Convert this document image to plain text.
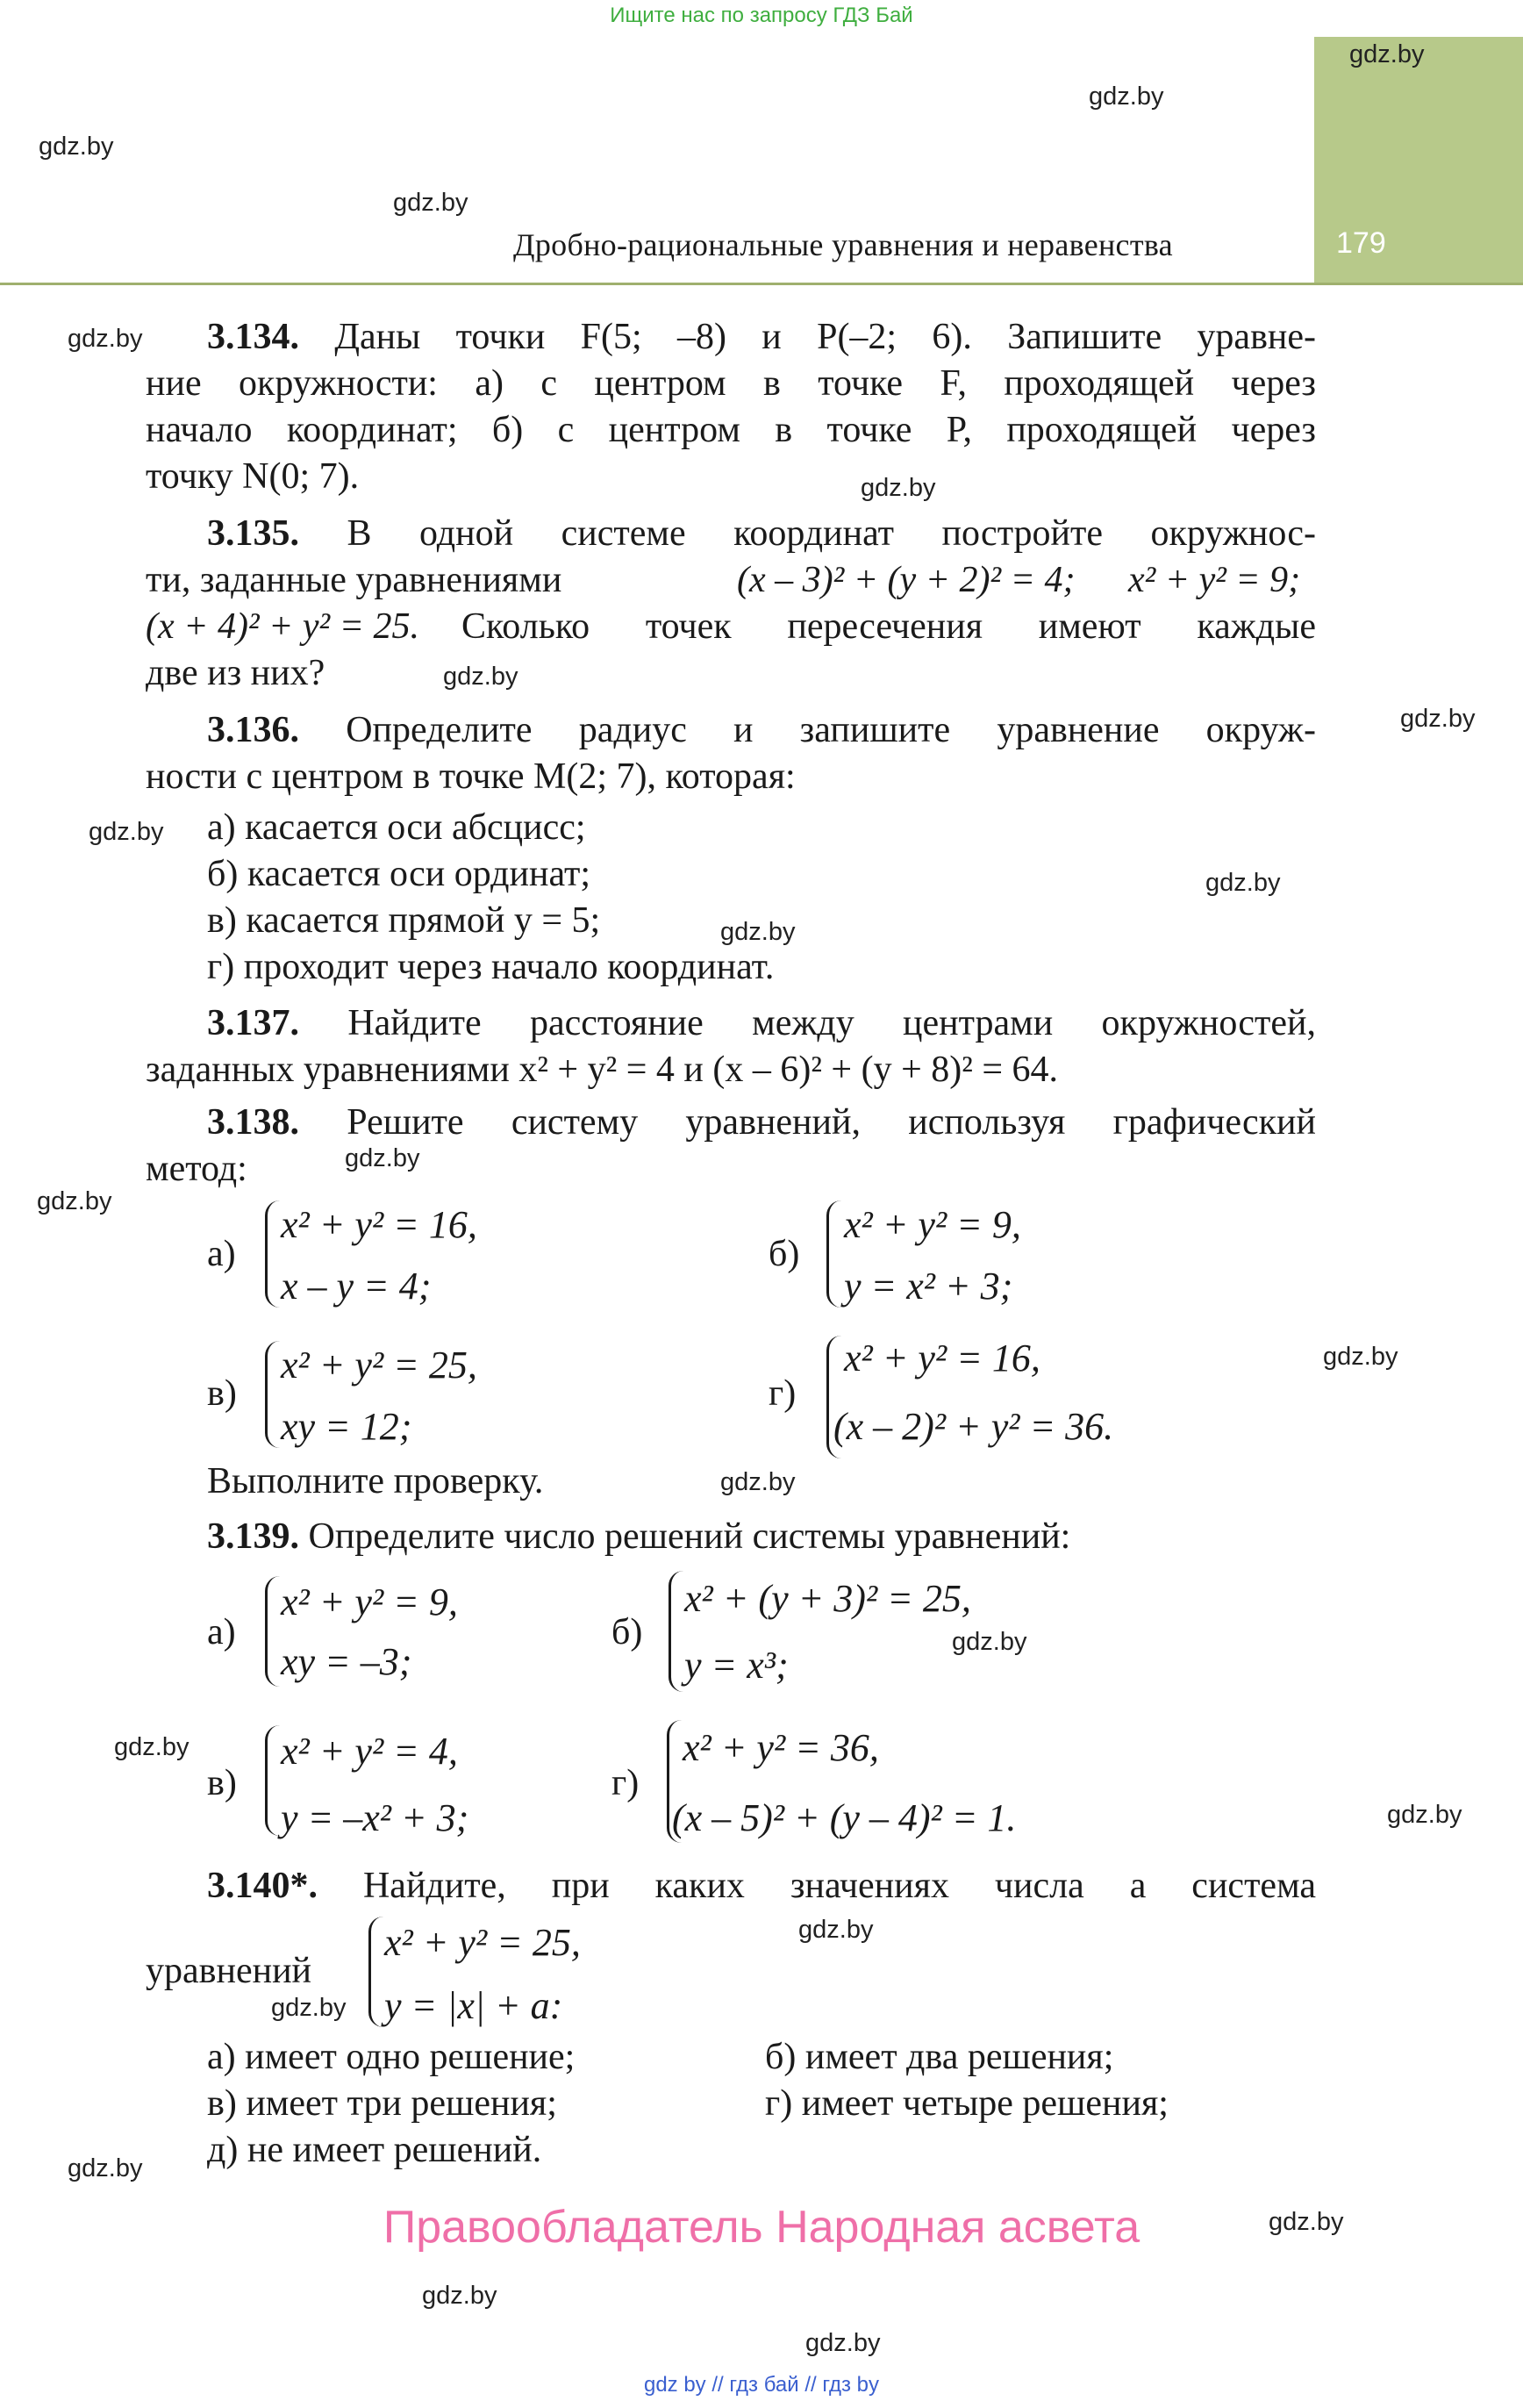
Ищите нас по запросу ГДЗ Бай
179
Дробно-рациональные уравнения и неравенства
gdz.by
gdz.by
gdz.by
gdz.by
gdz.by
gdz.by
gdz.by
gdz.by
gdz.by
gdz.by
gdz.by
gdz.by
gdz.by
gdz.by
gdz.by
gdz.by
gdz.by
gdz.by
gdz.by
gdz.by
gdz.by
gdz.by
gdz.by
gdz.by
3.134. Даны точки F(5; –8) и P(–2; 6). Запишите уравне-
ние окружности: а) с центром в точке F, проходящей через
начало координат; б) с центром в точке P, проходящей через
точку N(0; 7).
3.135. В одной системе координат постройте окружнос-
ти, заданные уравнениями	(x – 3)² + (y + 2)² = 4; x² + y² = 9;
(x + 4)² + y² = 25. Сколько точек пересечения имеют каждые
две из них?
3.136. Определите радиус и запишите уравнение окруж-
ности с центром в точке M(2; 7), которая:
а) касается оси абсцисс;
б) касается оси ординат;
в) касается прямой y = 5;
г) проходит через начало координат.
3.137. Найдите расстояние между центрами окружностей,
заданных уравнениями x² + y² = 4 и (x – 6)² + (y + 8)² = 64.
3.138. Решите систему уравнений, используя графический
метод:
а)
x² + y² = 16,
x – y = 4;
б)
x² + y² = 9,
y = x² + 3;
в)
x² + y² = 25,
xy = 12;
г)
x² + y² = 16,
(x – 2)² + y² = 36.
Выполните проверку.
3.139. Определите число решений системы уравнений:
а)
x² + y² = 9,
xy = –3;
б)
x² + (y + 3)² = 25,
y = x³;
в)
x² + y² = 4,
y = –x² + 3;
г)
x² + y² = 36,
(x – 5)² + (y – 4)² = 1.
3.140*. Найдите, при каких значениях числа a система
уравнений
x² + y² = 25,
y = |x| + a:
а) имеет одно решение;	б) имеет два решения;
в) имеет три решения;	г) имеет четыре решения;
д) не имеет решений.
Правообладатель Народная асвета
gdz by // гдз бай // гдз by
